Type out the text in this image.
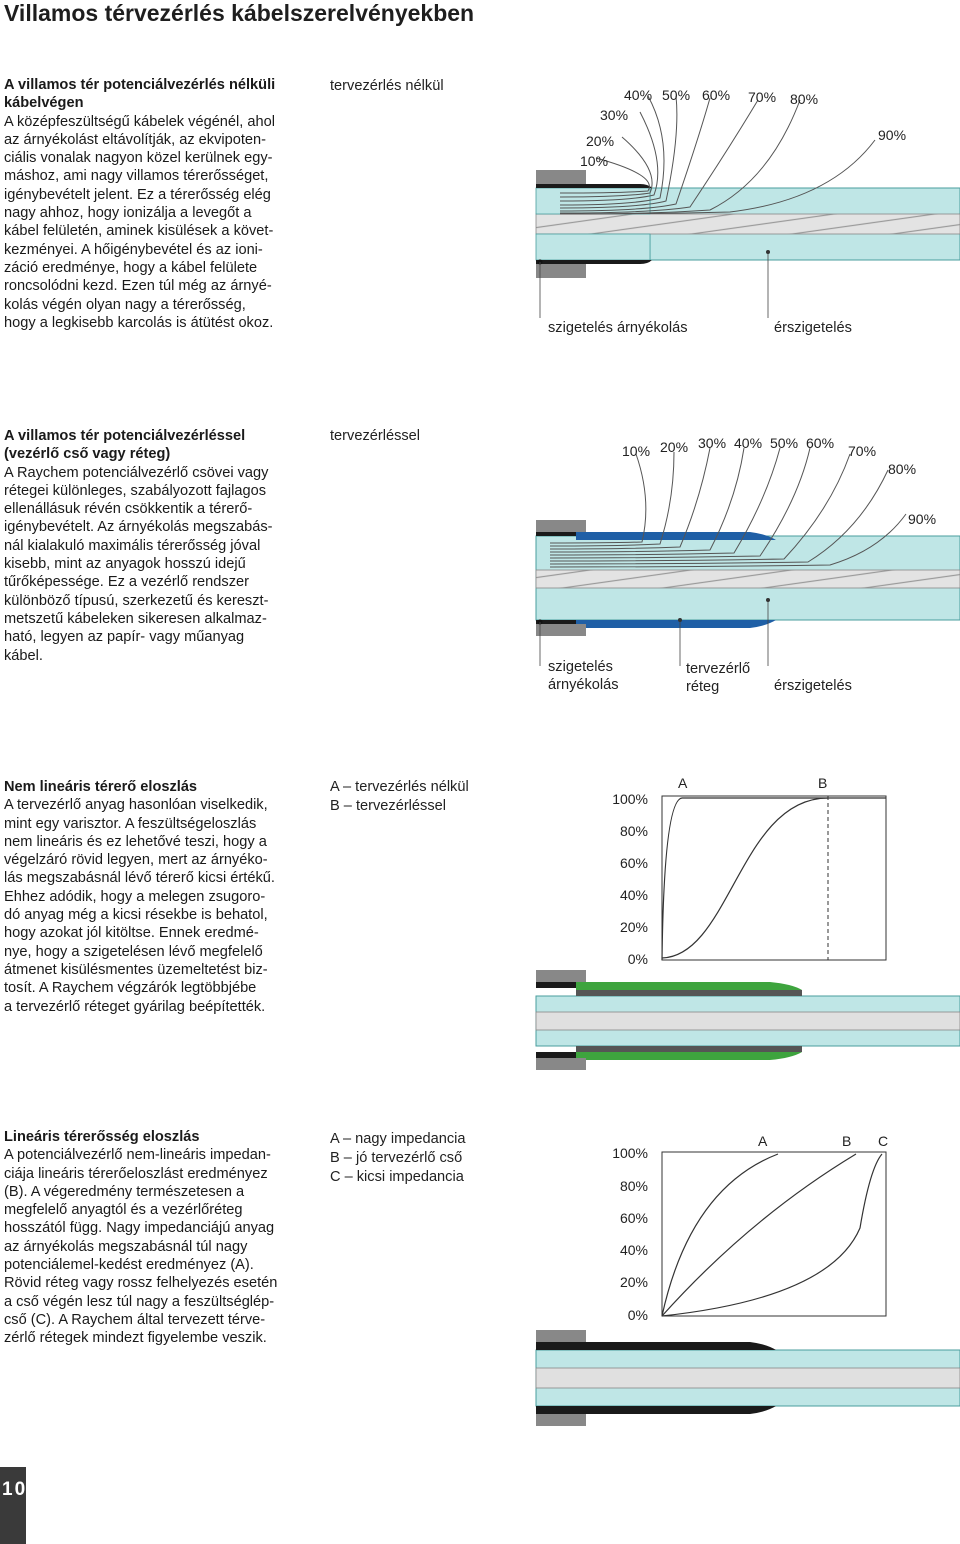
Villamos térvezérlés kábelszerelvényekben
A villamos tér potenciálvezérlés nélküli
kábelvégen
A középfeszültségű kábelek végénél, ahol
az árnyékolást eltávolítják, az ekvipoten-
ciális vonalak nagyon közel kerülnek egy-
máshoz, ami nagy villamos térerősséget,
igénybevételt jelent. Ez a térerősség elég
nagy ahhoz, hogy ionizálja a levegőt a
kábel felületén, aminek kisülések a követ-
kezményei. A hőigénybevétel és az ioni-
záció eredménye, hogy a kábel felülete
roncsolódni kezd. Ezen túl még az árnyé-
kolás végén olyan nagy a térerősség,
hogy a legkisebb karcolás is átütést okoz.
tervezérlés nélkül
10%
20%
30%
40% 50% 60% 70% 80%
90%
szigetelés árnyékolás	érszigetelés
A villamos tér potenciálvezérléssel
(vezérlő cső vagy réteg)
A Raychem potenciálvezérlő csövei vagy
rétegei különleges, szabályozott fajlagos
ellenállásuk révén csökkentik a térerő-
igénybevételt. Az árnyékolás megszabás-
nál kialakuló maximális térerősség jóval
kisebb, mint az anyagok hosszú idejű
tűrőképessége. Ez a vezérlő rendszer
különböző típusú, szerkezetű és kereszt-
metszetű kábeleken sikeresen alkalmaz-
ható, legyen az papír- vagy műanyag
kábel.
tervezérléssel
10% 20% 30% 40% 50% 60% 70%
80%
90%
szigetelés
árnyékolás
tervezérlő
réteg	érszigetelés
Nem lineáris térerő eloszlás
A tervezérlő anyag hasonlóan viselkedik,
mint egy varisztor. A feszültségeloszlás
nem lineáris és ez lehetővé teszi, hogy a
végelzáró rövid legyen, mert az árnyéko-
lás megszabásnál lévő térerő kicsi értékű.
Ehhez adódik, hogy a melegen zsugoro-
dó anyag még a kicsi résekbe is behatol,
hogy azokat jól kitöltse. Ennek eredmé-
nye, hogy a szigetelésen lévő megfelelő
átmenet kisülésmentes üzemeltetést biz-
tosít. A Raychem végzárók legtöbbjébe
a tervezérlő réteget gyárilag beépítették.
A – tervezérlés nélkül
B – tervezérléssel	100%
80%
60%
40%
20%
0%
A	B
Lineáris térerősség eloszlás
A potenciálvezérlő nem-lineáris impedan-
ciája lineáris térerőeloszlást eredményez
(B). A végeredmény természetesen a
megfelelő anyagtól és a vezérlőréteg
hosszától függ. Nagy impedanciájú anyag
az árnyékolás megszabásnál túl nagy
potenciálemel-kedést eredményez (A).
Rövid réteg vagy rossz felhelyezés esetén
a cső végén lesz túl nagy a feszültséglép-
cső (C). A Raychem által tervezett térve-
zérlő rétegek mindezt figyelembe veszik.
A – nagy impedancia
B – jó tervezérlő cső
C – kicsi impedancia
100%
80%
60%
40%
20%
0%
A	B C
10
